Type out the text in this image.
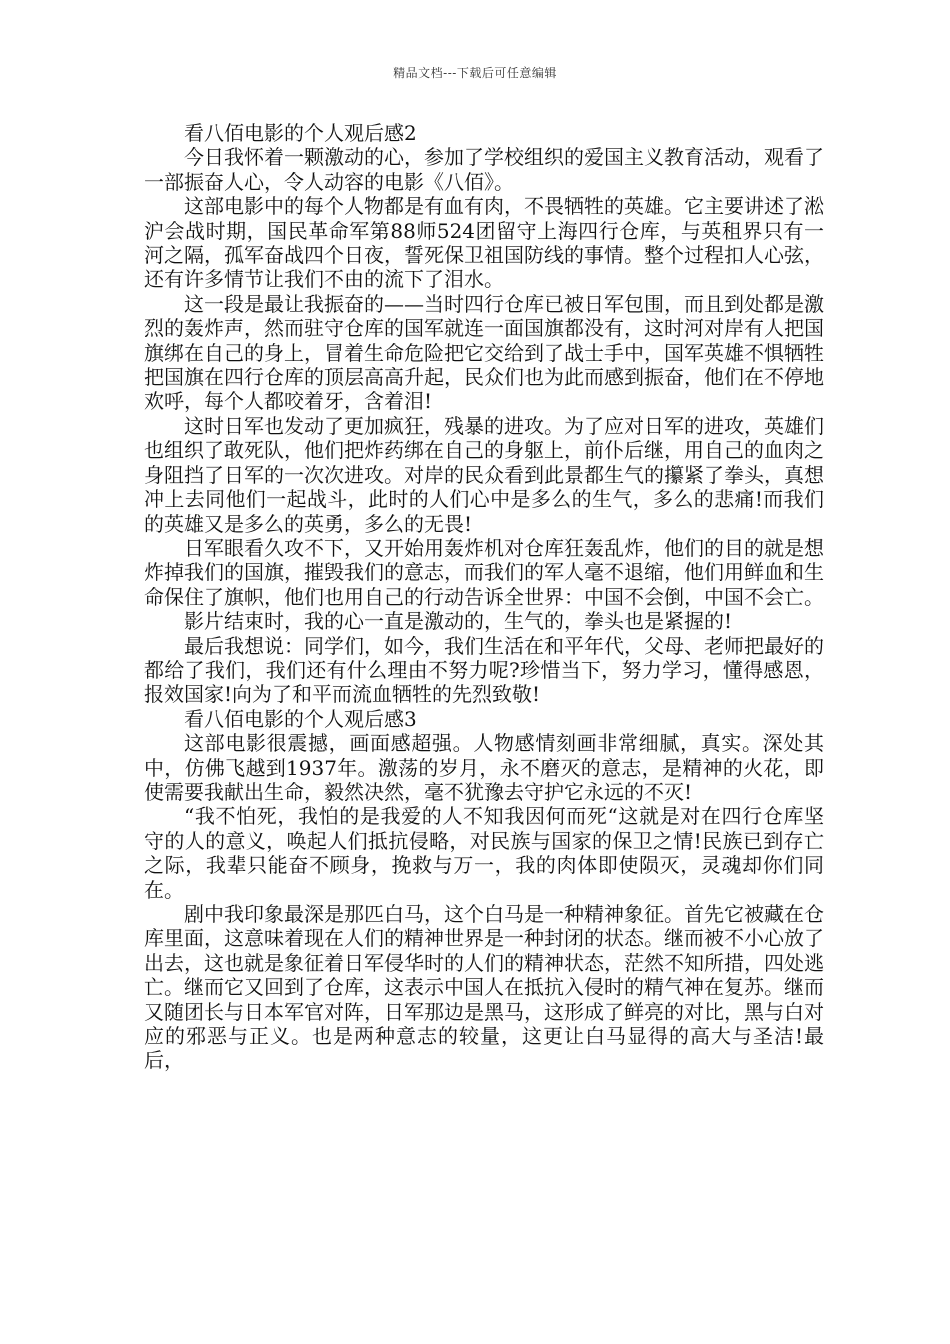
精品文档---下载后可任意编辑

看八佰电影的个人观后感2

今日我怀着一颗激动的心，参加了学校组织的爱国主义教育活动，观看了一部振奋人心，令人动容的电影《八佰》。

这部电影中的每个人物都是有血有肉，不畏牺牲的英雄。它主要讲述了淞沪会战时期，国民革命军第88师524团留守上海四行仓库，与英租界只有一河之隔，孤军奋战四个日夜，誓死保卫祖国防线的事情。整个过程扣人心弦，还有许多情节让我们不由的流下了泪水。

这一段是最让我振奋的——当时四行仓库已被日军包围，而且到处都是激烈的轰炸声，然而驻守仓库的国军就连一面国旗都没有，这时河对岸有人把国旗绑在自己的身上，冒着生命危险把它交给到了战士手中，国军英雄不惧牺牲把国旗在四行仓库的顶层高高升起，民众们也为此而感到振奋，他们在不停地欢呼，每个人都咬着牙，含着泪!

这时日军也发动了更加疯狂，残暴的进攻。为了应对日军的进攻，英雄们也组织了敢死队，他们把炸药绑在自己的身躯上，前仆后继，用自己的血肉之身阻挡了日军的一次次进攻。对岸的民众看到此景都生气的攥紧了拳头，真想冲上去同他们一起战斗，此时的人们心中是多么的生气，多么的悲痛!而我们的英雄又是多么的英勇，多么的无畏!

日军眼看久攻不下，又开始用轰炸机对仓库狂轰乱炸，他们的目的就是想炸掉我们的国旗，摧毁我们的意志，而我们的军人毫不退缩，他们用鲜血和生命保住了旗帜，他们也用自己的行动告诉全世界：中国不会倒，中国不会亡。

影片结束时，我的心一直是激动的，生气的，拳头也是紧握的!

最后我想说：同学们，如今，我们生活在和平年代，父母、老师把最好的都给了我们，我们还有什么理由不努力呢?珍惜当下，努力学习，懂得感恩，报效国家!向为了和平而流血牺牲的先烈致敬!

看八佰电影的个人观后感3

这部电影很震撼，画面感超强。人物感情刻画非常细腻，真实。深处其中，仿佛飞越到1937年。激荡的岁月，永不磨灭的意志，是精神的火花，即使需要我献出生命，毅然决然，毫不犹豫去守护它永远的不灭!

“我不怕死，我怕的是我爱的人不知我因何而死“这就是对在四行仓库坚守的人的意义，唤起人们抵抗侵略，对民族与国家的保卫之情!民族已到存亡之际，我辈只能奋不顾身，挽救与万一，我的肉体即使陨灭，灵魂却你们同在。

剧中我印象最深是那匹白马，这个白马是一种精神象征。首先它被藏在仓库里面，这意味着现在人们的精神世界是一种封闭的状态。继而被不小心放了出去，这也就是象征着日军侵华时的人们的精神状态，茫然不知所措，四处逃亡。继而它又回到了仓库，这表示中国人在抵抗入侵时的精气神在复苏。继而又随团长与日本军官对阵，日军那边是黑马，这形成了鲜亮的对比，黑与白对应的邪恶与正义。也是两种意志的较量，这更让白马显得的高大与圣洁!最后，
